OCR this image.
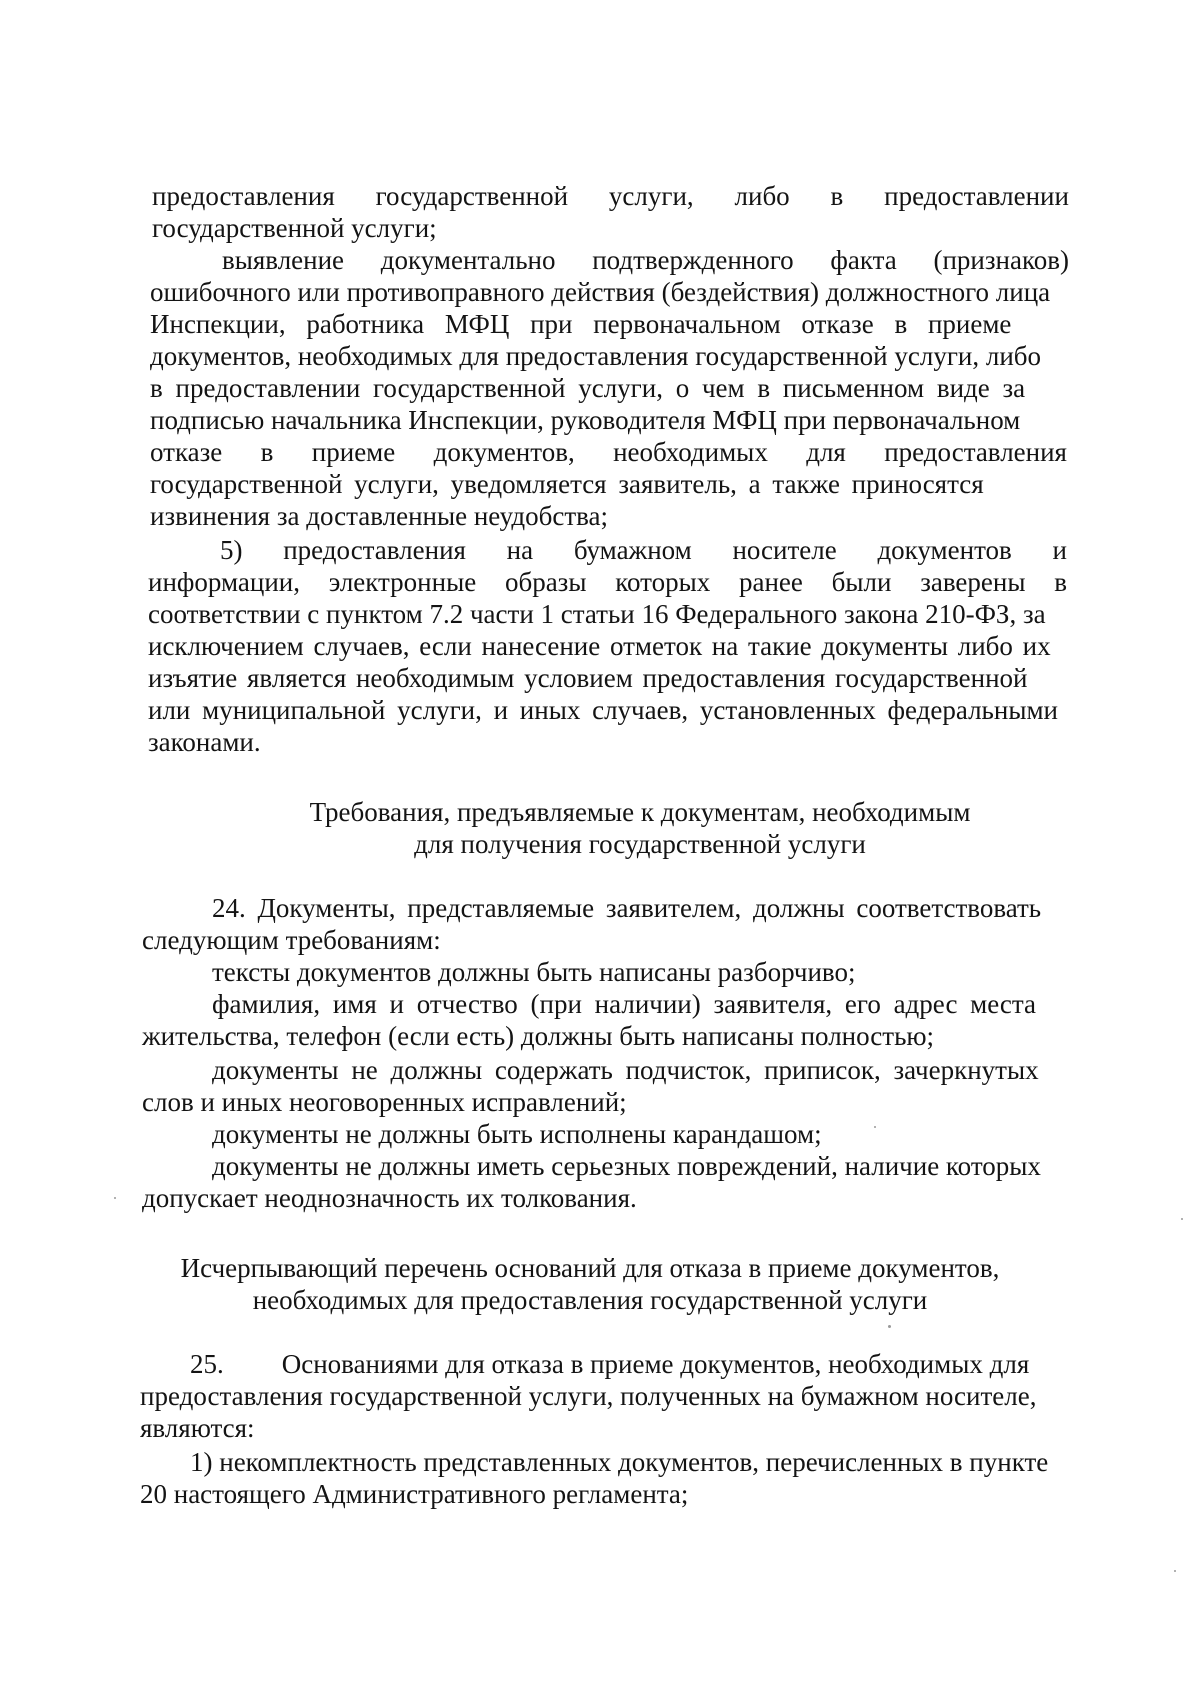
предоставления государственной услуги, либо в предоставлении
государственной услуги;
выявление документально подтвержденного факта (признаков)
ошибочного или противоправного действия (бездействия) должностного лица
Инспекции, работника МФЦ при первоначальном отказе в приеме
документов, необходимых для предоставления государственной услуги, либо
в предоставлении государственной услуги, о чем в письменном виде за
подписью начальника Инспекции, руководителя МФЦ при первоначальном
отказе в приеме документов, необходимых для предоставления
государственной услуги, уведомляется заявитель, а также приносятся
извинения за доставленные неудобства;
5) предоставления на бумажном носителе документов и
информации, электронные образы которых ранее были заверены в
соответствии с пунктом 7.2 части 1 статьи 16 Федерального закона 210-ФЗ, за
исключением случаев, если нанесение отметок на такие документы либо их
изъятие является необходимым условием предоставления государственной
или муниципальной услуги, и иных случаев, установленных федеральными
законами.
Требования, предъявляемые к документам, необходимым
для получения государственной услуги
24. Документы, представляемые заявителем, должны соответствовать
следующим требованиям:
тексты документов должны быть написаны разборчиво;
фамилия, имя и отчество (при наличии) заявителя, его адрес места
жительства, телефон (если есть) должны быть написаны полностью;
документы не должны содержать подчисток, приписок, зачеркнутых
слов и иных неоговоренных исправлений;
документы не должны быть исполнены карандашом;
документы не должны иметь серьезных повреждений, наличие которых
допускает неоднозначность их толкования.
Исчерпывающий перечень оснований для отказа в приеме документов,
необходимых для предоставления государственной услуги
25. Основаниями для отказа в приеме документов, необходимых для
предоставления государственной услуги, полученных на бумажном носителе,
являются:
1) некомплектность представленных документов, перечисленных в пункте
20 настоящего Административного регламента;
